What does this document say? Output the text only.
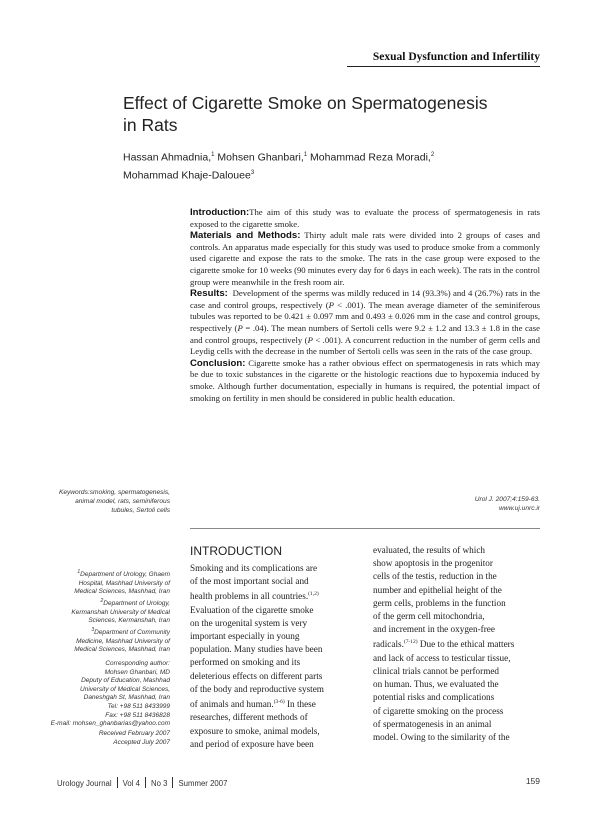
Sexual Dysfunction and Infertility
Effect of Cigarette Smoke on Spermatogenesis
in Rats
Hassan Ahmadnia,$^1$ Mohsen Ghanbari,$^1$ Mohammad Reza Moradi,$^2$
Mohammad Khaje-Dalouee$^3$

Introduction:The aim of this study was to evaluate the process of spermatogenesis in rats exposed to the cigarette smoke.

Materials and Methods: Thirty adult male rats were divided into 2 groups of cases and controls. An apparatus made especially for this study was used to produce smoke from a commonly used cigarette and expose the rats to the smoke. The rats in the case group were exposed to the cigarette smoke for 10 weeks (90 minutes every day for 6 days in each week). The rats in the control group were meanwhile in the fresh room air.

Results: Development of the sperms was mildly reduced in 14 (93.3%) and 4 (26.7%) rats in the case and control groups, respectively (P < .001). The mean average diameter of the seminiferous tubules was reported to be 0.421 ± 0.097 mm and 0.493 ± 0.026 mm in the case and control groups, respectively (P = .04). The mean numbers of Sertoli cells were 9.2 ± 1.2 and 13.3 ± 1.8 in the case and control groups, respectively (P < .001). A concurrent reduction in the number of germ cells and Leydig cells with the decrease in the number of Sertoli cells was seen in the rats of the case group.

Conclusion: Cigarette smoke has a rather obvious effect on spermatogenesis in rats which may be due to toxic substances in the cigarette or the histologic reactions due to hypoxemia induced by smoke. Although further documentation, especially in humans is required, the potential impact of smoking on fertility in men should be considered in public health education.

Keywords:smoking, spermatogenesis,
animal model, rats, seminiferous
tubules, Sertoli cells
Urol J. 2007;4:159-63.
www.uj.unrc.ir

$^1$Department of Urology, Ghaem

Hospital, Mashhad University of

Medical Sciences, Mashhad, Iran

$^2$Department of Urology,

Kermanshah University of Medical

Sciences, Kermanshah, Iran

$^3$Department of Community

Medicine, Mashhad University of

Medical Sciences, Mashhad, Iran

Corresponding author:

Mohsen Ghanbari, MD

Deputy of Education, Mashhad

University of Medical Sciences,

Daneshgah St, Mashhad, Iran

Tel: +98 511 8433999

Fax: +98 511 8436828

E-mail: mohsen_ghanbarias@yahoo.com

Received February 2007

Accepted July 2007

INTRODUCTION

Smoking and its complications are

of the most important social and

health problems in all countries.$^{(1,2)}$

Evaluation of the cigarette smoke

on the urogenital system is very

important especially in young

population. Many studies have been

performed on smoking and its

deleterious effects on different parts

of the body and reproductive system

of animals and human.$^{(3-6)}$ In these

researches, different methods of

exposure to smoke, animal models,

and period of exposure have been

evaluated, the results of which

show apoptosis in the progenitor

cells of the testis, reduction in the

number and epithelial height of the

germ cells, problems in the function

of the germ cell mitochondria,

and increment in the oxygen-free

radicals.$^{(7-12)}$ Due to the ethical matters

and lack of access to testicular tissue,

clinical trials cannot be performed

on human. Thus, we evaluated the

potential risks and complications

of cigarette smoking on the process

of spermatogenesis in an animal

model. Owing to the similarity of the

Urology Journal Vol 4 No 3 Summer 2007	159
